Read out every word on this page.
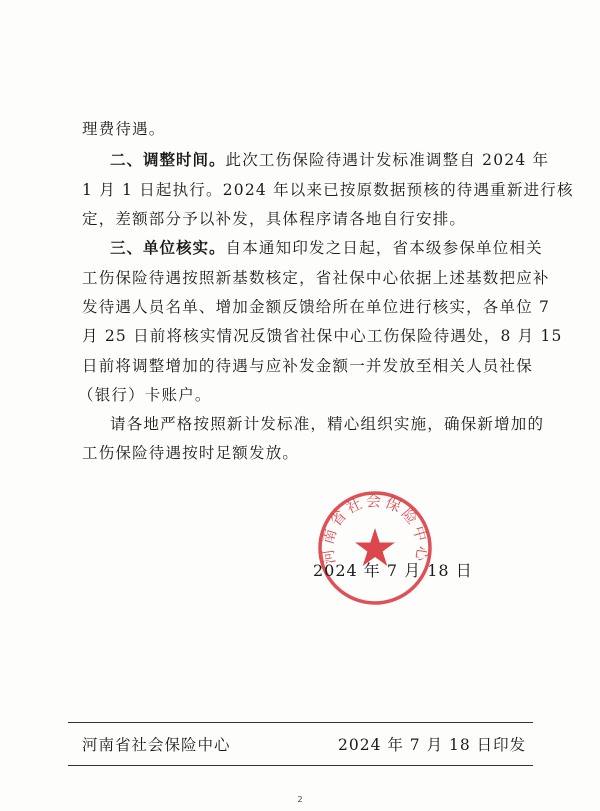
理费待遇。
二、调整时间。此次工伤保险待遇计发标准调整自 2024 年
1 月 1 日起执行。2024 年以来已按原数据预核的待遇重新进行核
定，差额部分予以补发，具体程序请各地自行安排。
三、单位核实。自本通知印发之日起，省本级参保单位相关
工伤保险待遇按照新基数核定，省社保中心依据上述基数把应补
发待遇人员名单、增加金额反馈给所在单位进行核实，各单位 7
月 25 日前将核实情况反馈省社保中心工伤保险待遇处，8 月 15
日前将调整增加的待遇与应补发金额一并发放至相关人员社保
（银行）卡账户。
请各地严格按照新计发标准，精心组织实施，确保新增加的
工伤保险待遇按时足额发放。
河南省社会保险中心
2024 年 7 月 18 日
河南省社会保险中心	2024 年 7 月 18 日印发
2
